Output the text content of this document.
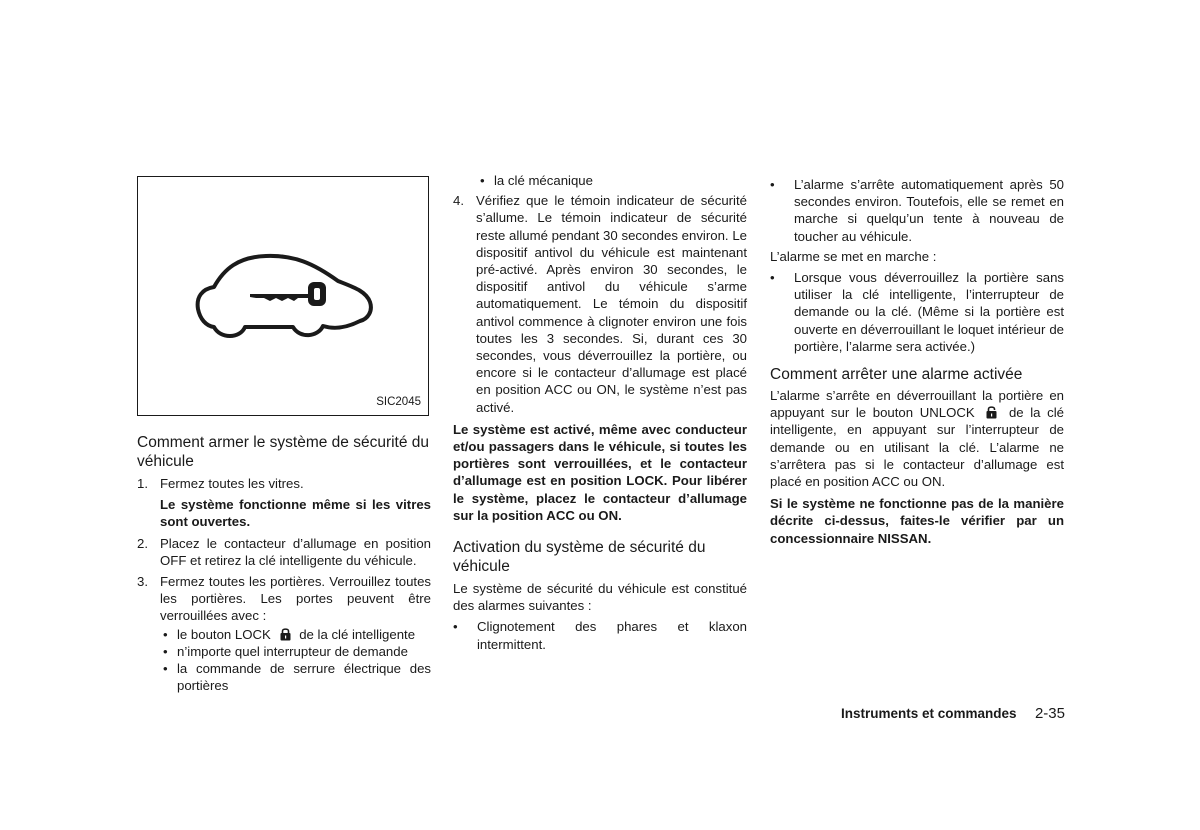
SIC2045
Comment armer le système de sécurité du véhicule
1. Fermez toutes les vitres.

Le système fonctionne même si les vitres sont ouvertes.

2. Placez le contacteur d’allumage en position OFF et retirez la clé intelligente du véhicule.

3. Fermez toutes les portières. Verrouillez toutes les portières. Les portes peuvent être verrouillées avec :

• le bouton LOCK de la clé intelligente
• n’importe quel interrupteur de demande
• la commande de serrure électrique des portières
• la clé mécanique
4. Vérifiez que le témoin indicateur de sécurité s’allume. Le témoin indicateur de sécurité reste allumé pendant 30 secondes environ. Le dispositif antivol du véhicule est maintenant pré-activé. Après environ 30 secondes, le dispositif antivol du véhicule s’arme automatiquement. Le témoin du dispositif antivol commence à clignoter environ une fois toutes les 3 secondes. Si, durant ces 30 secondes, vous déverrouillez la portière, ou encore si le contacteur d’allumage est placé en position ACC ou ON, le système n’est pas activé.

Le système est activé, même avec conducteur et/ou passagers dans le véhicule, si toutes les portières sont verrouillées, et le contacteur d’allumage est en position LOCK. Pour libérer le système, placez le contacteur d’allumage sur la position ACC ou ON.

Activation du système de sécurité du véhicule

Le système de sécurité du véhicule est constitué des alarmes suivantes :

• Clignotement des phares et klaxon intermittent.

• L’alarme s’arrête automatiquement après 50 secondes environ. Toutefois, elle se remet en marche si quelqu’un tente à nouveau de toucher au véhicule.

L’alarme se met en marche :

• Lorsque vous déverrouillez la portière sans utiliser la clé intelligente, l’interrupteur de demande ou la clé. (Même si la portière est ouverte en déverrouillant le loquet intérieur de portière, l’alarme sera activée.)

Comment arrêter une alarme activée

L’alarme s’arrête en déverrouillant la portière en appuyant sur le bouton UNLOCK	de la clé intelligente, en appuyant sur l’interrupteur de demande ou en utilisant la clé. L’alarme ne s’arrêtera pas si le contacteur d’allumage est placé en position ACC ou ON.

Si le système ne fonctionne pas de la manière décrite ci-dessus, faites-le vérifier par un concessionnaire NISSAN.

Instruments et commandes 2-35
